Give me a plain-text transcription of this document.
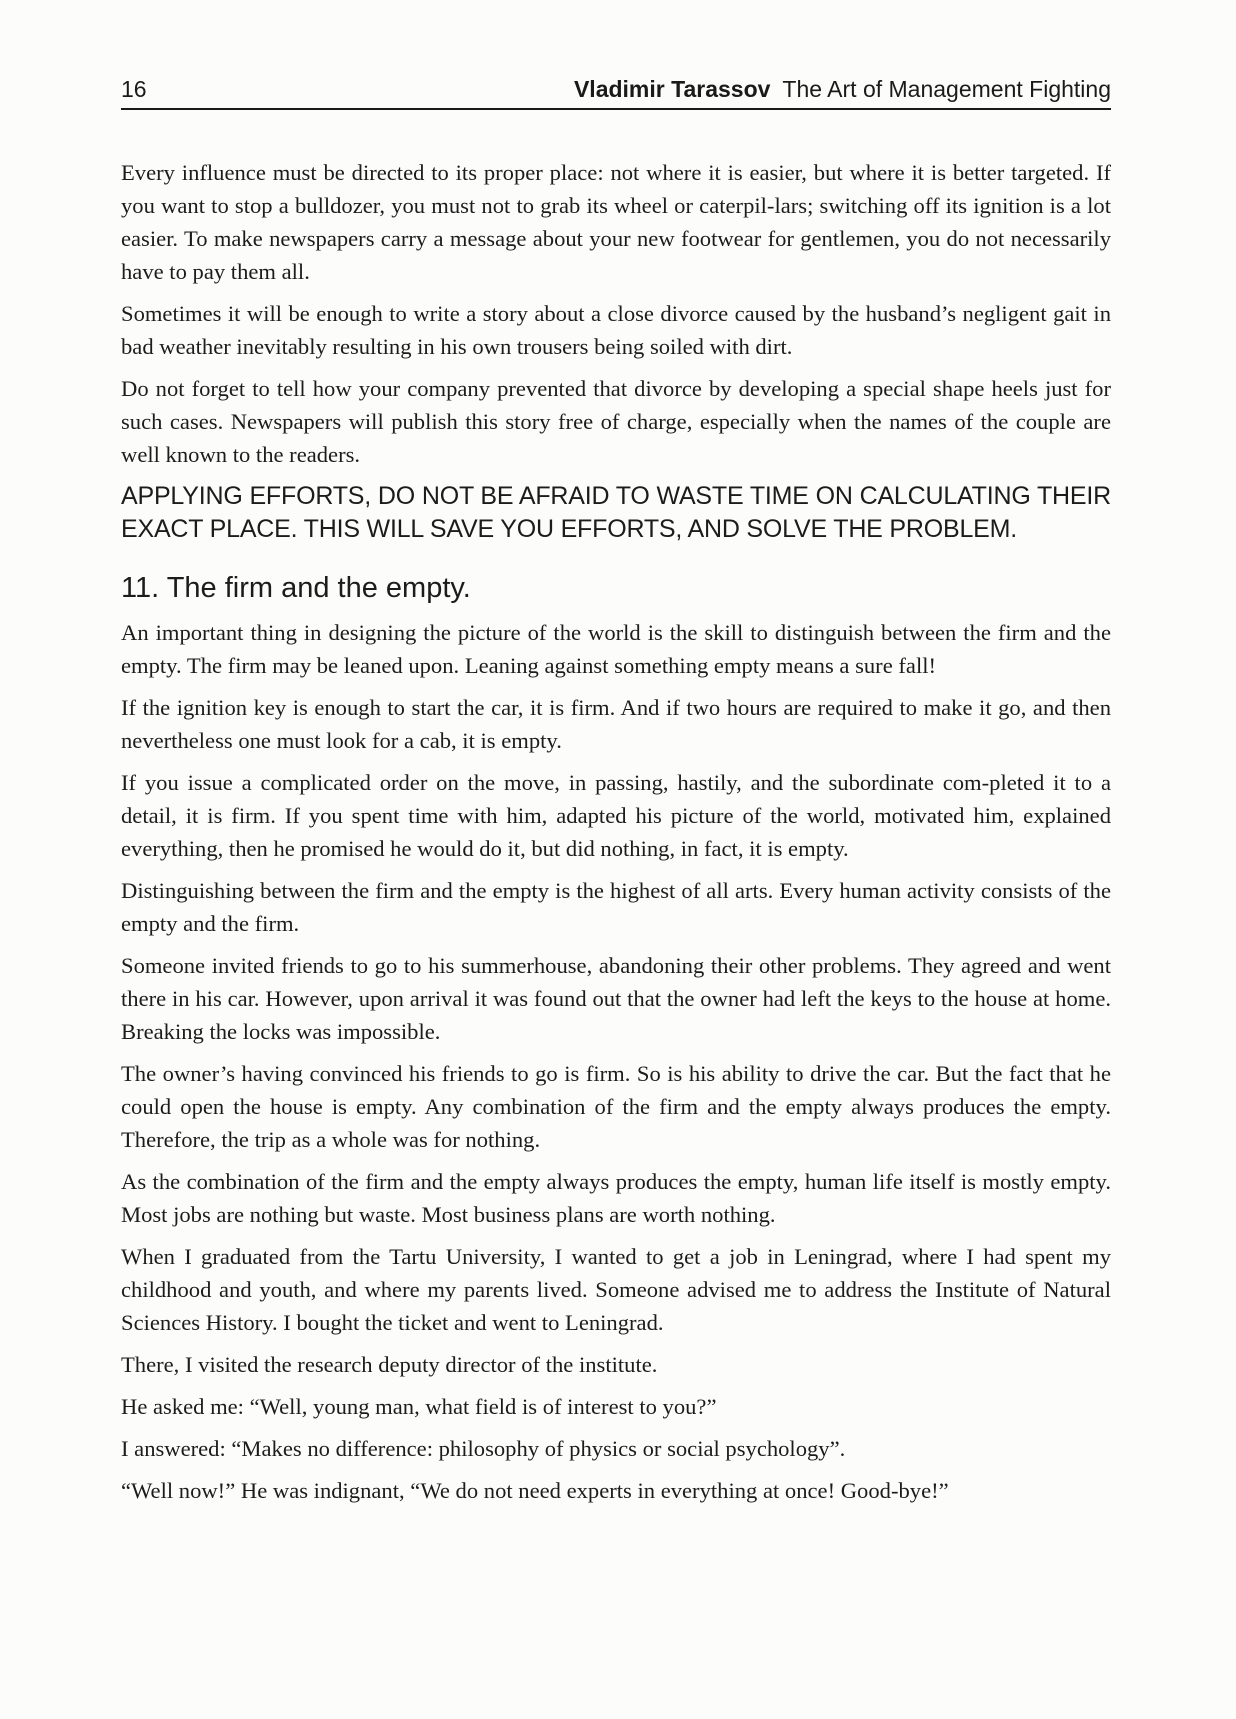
16	Vladimir Tarassov The Art of Management Fighting

Every influence must be directed to its proper place: not where it is easier, but where it is better targeted. If you want to stop a bulldozer, you must not to grab its wheel or caterpil-lars; switching off its ignition is a lot easier. To make newspapers carry a message about your new footwear for gentlemen, you do not necessarily have to pay them all.

Sometimes it will be enough to write a story about a close divorce caused by the husband’s negligent gait in bad weather inevitably resulting in his own trousers being soiled with dirt.

Do not forget to tell how your company prevented that divorce by developing a special shape heels just for such cases. Newspapers will publish this story free of charge, especially when the names of the couple are well known to the readers.

APPLYING EFFORTS, DO NOT BE AFRAID TO WASTE TIME ON CALCULATING THEIR EXACT PLACE. THIS WILL SAVE YOU EFFORTS, AND SOLVE THE PROBLEM.

11. The firm and the empty.

An important thing in designing the picture of the world is the skill to distinguish between the firm and the empty. The firm may be leaned upon. Leaning against something empty means a sure fall!

If the ignition key is enough to start the car, it is firm. And if two hours are required to make it go, and then nevertheless one must look for a cab, it is empty.

If you issue a complicated order on the move, in passing, hastily, and the subordinate com-pleted it to a detail, it is firm. If you spent time with him, adapted his picture of the world, motivated him, explained everything, then he promised he would do it, but did nothing, in fact, it is empty.

Distinguishing between the firm and the empty is the highest of all arts. Every human activity consists of the empty and the firm.

Someone invited friends to go to his summerhouse, abandoning their other problems. They agreed and went there in his car. However, upon arrival it was found out that the owner had left the keys to the house at home. Breaking the locks was impossible.

The owner’s having convinced his friends to go is firm. So is his ability to drive the car. But the fact that he could open the house is empty. Any combination of the firm and the empty always produces the empty. Therefore, the trip as a whole was for nothing.

As the combination of the firm and the empty always produces the empty, human life itself is mostly empty. Most jobs are nothing but waste. Most business plans are worth nothing.

When I graduated from the Tartu University, I wanted to get a job in Leningrad, where I had spent my childhood and youth, and where my parents lived. Someone advised me to address the Institute of Natural Sciences History. I bought the ticket and went to Leningrad.

There, I visited the research deputy director of the institute.

He asked me: “Well, young man, what field is of interest to you?”

I answered: “Makes no difference: philosophy of physics or social psychology”.

“Well now!” He was indignant, “We do not need experts in everything at once! Good-bye!”
